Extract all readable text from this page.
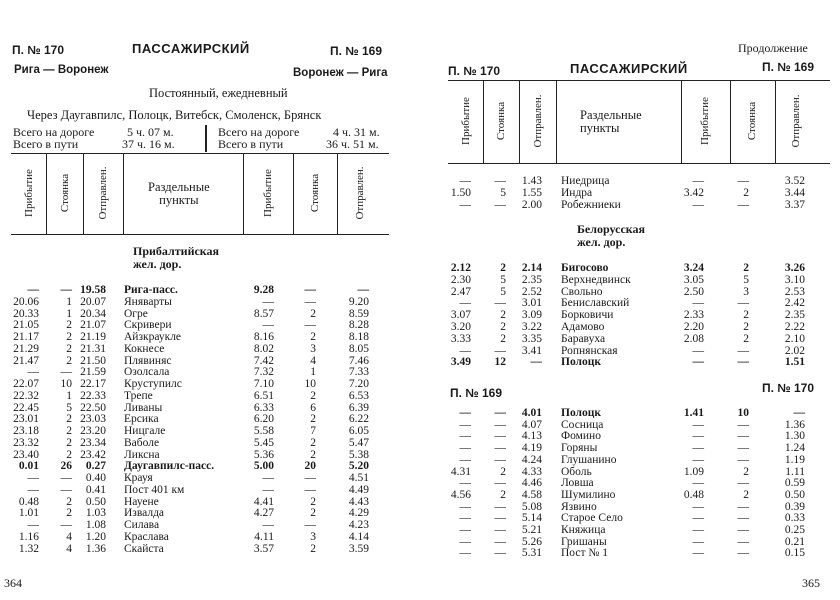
П. № 170	ПАССАЖИРСКИЙ	П. № 169
Рига — Воронеж	Воронеж — Рига
Постоянный, ежедневный
Через Даугавпилс, Полоцк, Витебск, Смоленск, Брянск
Всего на дороге	5 ч. 07 м.
Всего в пути	37 ч. 16 м.
Всего на дороге	4 ч. 31 м.
Всего в пути	36 ч. 51 м.
Прибытие Стоянка Отправлен.	Раздельные
пункты	Прибытие	Стоянка	Отправлен.
Прибалтийская
жел. дор.
— — 19.58 Рига-пасс.	9.28	—	—
20.06 1 20.07 Яняварты	—	—	9.20
20.33 1 20.34 Огре	8.57	2	8.59
21.05 2 21.07 Скривери	—	—	8.28
21.17 2 21.19 Айзкраукле	8.16	2	8.18
21.29 2 21.31 Кокнесе	8.02	3	8.05
21.47 2 21.50 Плявиняс	7.42	4	7.46
— — 21.59 Озолсала	7.32	1	7.33
22.07 10 22.17 Круступилс	7.10	10	7.20
22.32 1 22.33 Трепе	6.51	2	6.53
22.45 5 22.50 Ливаны	6.33	6	6.39
23.01 2 23.03 Ерсика	6.20	2	6.22
23.18 2 23.20 Ницгале	5.58	7	6.05
23.32 2 23.34 Ваболе	5.45	2	5.47
23.40 2 23.42 Ликсна	5.36	2	5.38
0.01 26 0.27 Даугавпилс-пасс.	5.00	20	5.20
— — 0.40 Крауя	—	—	4.51
— — 0.41 Пост 401 км	—	—	4.49
0.48 2 0.50 Науене	4.41	2	4.43
1.01 2 1.03 Извалда	4.27	2	4.29
— — 1.08 Силава	—	—	4.23
1.16 4 1.20 Краслава	4.11	3	4.14
1.32 4 1.36 Скайста	3.57	2	3.59
364
Продолжение
П. № 170	ПАССАЖИРСКИЙ	П. № 169
Прибытие Стоянка Отправлен.	Раздельные
пункты	Прибытие	Стоянка	Отправлен.
— — 1.43 Ниедрица	—	—	3.52
1.50	5 1.55 Индра	3.42	2	3.44
— — 2.00 Робежниеки	—	—	3.37
Белорусская
жел. дор.
2.12	2 2.14 Бигосово	3.24	2	3.26
2.30	5 2.35 Верхнедвинск	3.05	5	3.10
2.47	5 2.52 Свольно	2.50	3	2.53
— — 3.01 Бениславский	—	—	2.42
3.07	2 3.09 Борковичи	2.33	2	2.35
3.20	2 3.22 Адамово	2.20	2	2.22
3.33	2 3.35 Баравуха	2.08	2	2.10
— — 3.41 Ропнянская	—	—	2.02
3.49 12 — Полоцк	—	—	1.51
П. № 169	П. № 170
— — 4.01 Полоцк	1.41	10	—
— — 4.07 Сосница	—	—	1.36
— — 4.13 Фомино	—	—	1.30
— — 4.19 Горяны	—	—	1.24
— — 4.24 Глушанино	—	—	1.19
4.31	2 4.33 Оболь	1.09	2	1.11
— — 4.46 Ловша	—	—	0.59
4.56	2 4.58 Шумилино	0.48	2	0.50
— — 5.08 Язвино	—	—	0.39
— — 5.14 Старое Село	—	—	0.33
— — 5.21 Княжица	—	—	0.25
— — 5.26 Гришаны	—	—	0.21
— — 5.31 Пост № 1	—	—	0.15
365
